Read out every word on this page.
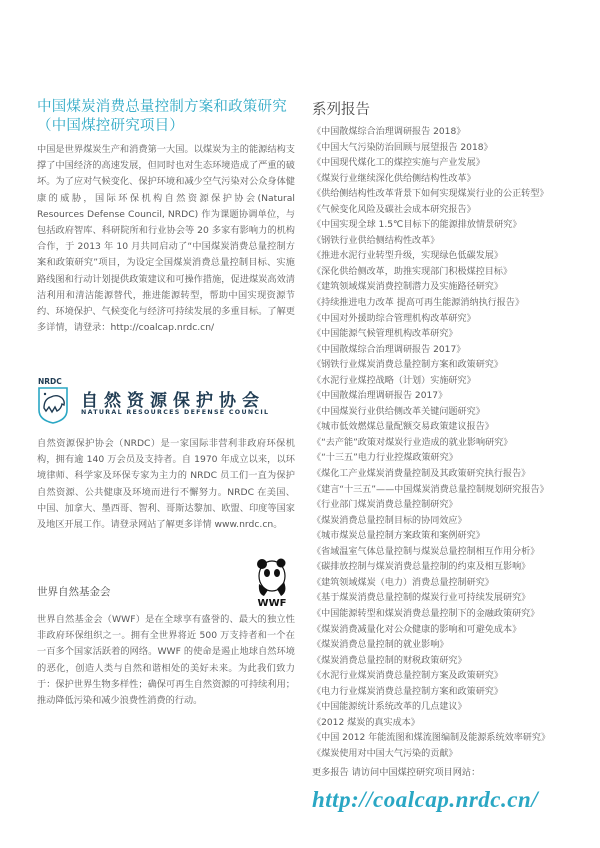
中国煤炭消费总量控制方案和政策研究
（中国煤控研究项目）

中国是世界煤炭生产和消费第一大国。以煤炭为主的能源结构支撑了中国经济的高速发展，但同时也对生态环境造成了严重的破坏。为了应对气候变化、保护环境和减少空气污染对公众身体健康的威胁，国际环保机构自然资源保护协会(Natural Resources Defense Council, NRDC) 作为课题协调单位，与包括政府智库、科研院所和行业协会等 20 多家有影响力的机构合作，于 2013 年 10 月共同启动了“中国煤炭消费总量控制方案和政策研究”项目，为设定全国煤炭消费总量控制目标、实施路线图和行动计划提供政策建议和可操作措施，促进煤炭高效清洁利用和清洁能源替代，推进能源转型，帮助中国实现资源节约、环境保护、气候变化与经济可持续发展的多重目标。了解更多详情，请登录：http://coalcap.nrdc.cn/

NRDC
自然资源保护协会
NATURAL RESOURCES DEFENSE COUNCIL

自然资源保护协会（NRDC）是一家国际非营利非政府环保机构，拥有逾 140 万会员及支持者。自 1970 年成立以来，以环境律师、科学家及环保专家为主力的 NRDC 员工们一直为保护自然资源、公共健康及环境而进行不懈努力。NRDC 在美国、中国、加拿大、墨西哥、智利、哥斯达黎加、欧盟、印度等国家及地区开展工作。请登录网站了解更多详情 www.nrdc.cn。

世界自然基金会
WWF

世界自然基金会（WWF）是在全球享有盛誉的、最大的独立性非政府环保组织之一。拥有全世界将近 500 万支持者和一个在一百多个国家活跃着的网络。WWF 的使命是遏止地球自然环境的恶化，创造人类与自然和谐相处的美好未来。为此我们致力于：保护世界生物多样性；确保可再生自然资源的可持续利用；推动降低污染和减少浪费性消费的行动。

系列报告
《中国散煤综合治理调研报告 2018》
《中国大气污染防治回顾与展望报告 2018》
《中国现代煤化工的煤控实施与产业发展》
《煤炭行业继续深化供给侧结构性改革》
《供给侧结构性改革背景下如何实现煤炭行业的公正转型》
《气候变化风险及碳社会成本研究报告》
《中国实现全球 1.5℃目标下的能源排放情景研究》
《钢铁行业供给侧结构性改革》
《推进水泥行业转型升级，实现绿色低碳发展》
《深化供给侧改革，助推实现部门积极煤控目标》
《建筑领域煤炭消费控制潜力及实施路径研究》
《持续推进电力改革 提高可再生能源消纳执行报告》
《中国对外援助综合管理机构改革研究》
《中国能源气候管理机构改革研究》
《中国散煤综合治理调研报告 2017》
《钢铁行业煤炭消费总量控制方案和政策研究》
《水泥行业煤控战略（计划）实施研究》
《中国散煤治理调研报告 2017》
《中国煤炭行业供给侧改革关键问题研究》
《城市低效燃煤总量配额交易政策建议报告》
《“去产能”政策对煤炭行业造成的就业影响研究》
《“十三五”电力行业控煤政策研究》
《煤化工产业煤炭消费量控制及其政策研究执行报告》
《建言“十三五”——中国煤炭消费总量控制规划研究报告》
《行业部门煤炭消费总量控制研究》
《煤炭消费总量控制目标的协同效应》
《城市煤炭总量控制方案政策和案例研究》
《省域温室气体总量控制与煤炭总量控制相互作用分析》
《碳排放控制与煤炭消费总量控制的约束及相互影响》
《建筑领域煤炭（电力）消费总量控制研究》
《基于煤炭消费总量控制的煤炭行业可持续发展研究》
《中国能源转型和煤炭消费总量控制下的金融政策研究》
《煤炭消费减量化对公众健康的影响和可避免成本》
《煤炭消费总量控制的就业影响》
《煤炭消费总量控制的财税政策研究》
《水泥行业煤炭消费总量控制方案及政策研究》
《电力行业煤炭消费总量控制方案和政策研究》
《中国能源统计系统改革的几点建议》
《2012 煤炭的真实成本》
《中国 2012 年能流图和煤流图编制及能源系统效率研究》
《煤炭使用对中国大气污染的贡献》
更多报告 请访问中国煤控研究项目网站：
http://coalcap.nrdc.cn/
